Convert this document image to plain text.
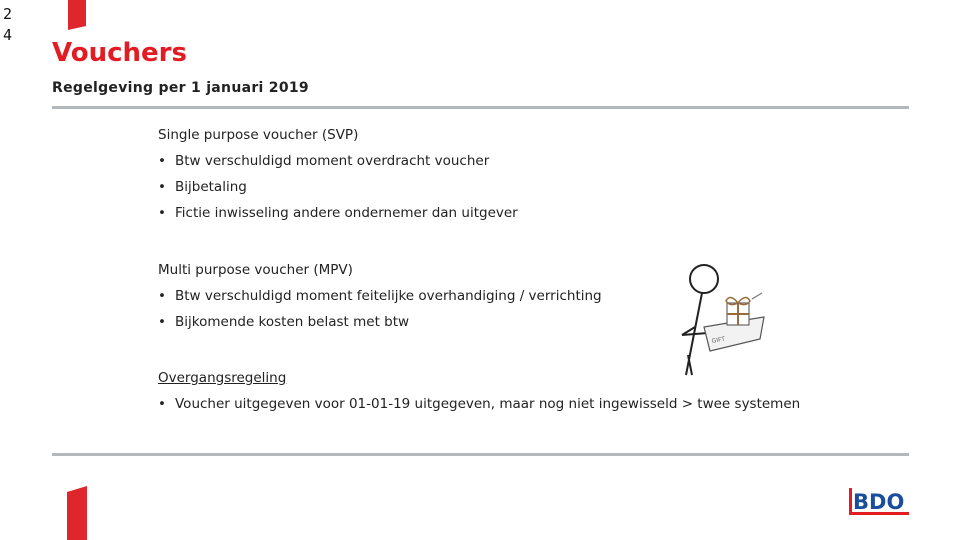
2
4
Vouchers
Regelgeving per 1 januari 2019
Single purpose voucher (SVP)
• Btw verschuldigd moment overdracht voucher
• Bijbetaling
• Fictie inwisseling andere ondernemer dan uitgever
Multi purpose voucher (MPV)
• Btw verschuldigd moment feitelijke overhandiging / verrichting
• Bijkomende kosten belast met btw
Overgangsregeling
• Voucher uitgegeven voor 01-01-19 uitgegeven, maar nog niet ingewisseld > twee systemen
GIFT
BDO
